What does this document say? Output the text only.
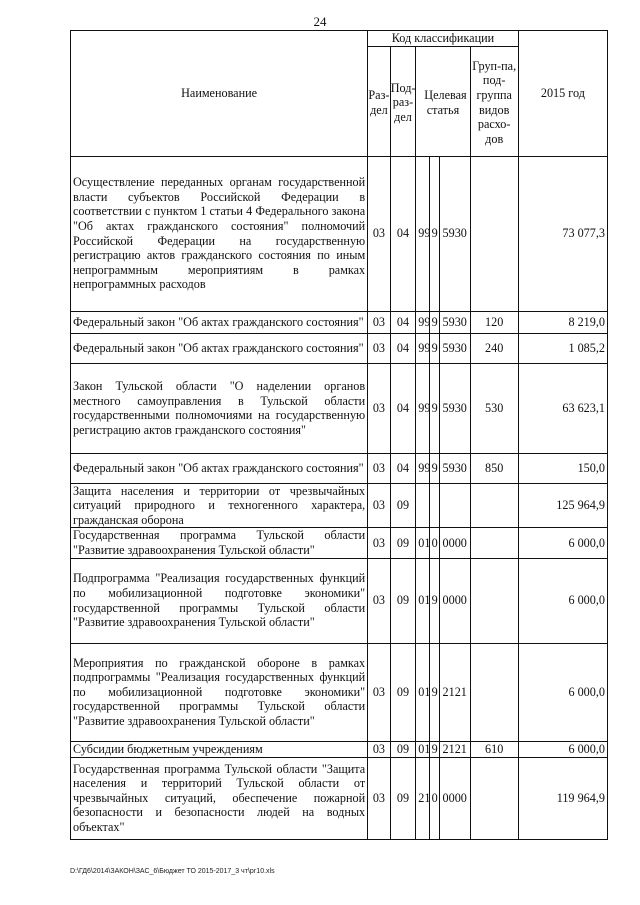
24
Наименование	Код классификации						2015 год
	Раз-дел	Под-раз-дел	Целевая статья			Груп-па, под-группа видов расхо-дов	
Осуществление переданных органам государственной власти субъектов Российской Федерации в соответствии с пунктом 1 статьи 4 Федерального закона "Об актах гражданского состояния" полномочий Российской Федерации на государственную регистрацию актов гражданского состояния по иным непрограммным мероприятиям в рамках непрограммных расходов	03	04	99	9	5930		73 077,3
Федеральный закон "Об актах гражданского состояния"	03	04	99	9	5930	120	8 219,0
Федеральный закон "Об актах гражданского состояния"	03	04	99	9	5930	240	1 085,2
Закон Тульской области "О наделении органов местного самоуправления в Тульской области государственными полномочиями на государственную регистрацию актов гражданского состояния"	03	04	99	9	5930	530	63 623,1
Федеральный закон "Об актах гражданского состояния"	03	04	99	9	5930	850	150,0
Защита населения и территории от чрезвычайных ситуаций природного и техногенного характера, гражданская оборона	03	09					125 964,9
Государственная программа Тульской области "Развитие здравоохранения Тульской области"	03	09	01	0	0000		6 000,0
Подпрограмма "Реализация государственных функций по мобилизационной подготовке экономики" государственной программы Тульской области "Развитие здравоохранения Тульской области"	03	09	01	9	0000		6 000,0
Мероприятия по гражданской обороне в рамках подпрограммы "Реализация государственных функций по мобилизационной подготовке экономики" государственной программы Тульской области "Развитие здравоохранения Тульской области"	03	09	01	9	2121		6 000,0
Субсидии бюджетным учреждениям	03	09	01	9	2121	610	6 000,0
Государственная программа Тульской области "Защита населения и территорий Тульской области от чрезвычайных ситуаций, обеспечение пожарной безопасности и безопасности людей на водных объектах"	03	09	21	0	0000		119 964,9
D:\ГД6\2014\ЗАКОН\ЗАС_6\Бюджет ТО 2015-2017_3 чт\рг10.xls
